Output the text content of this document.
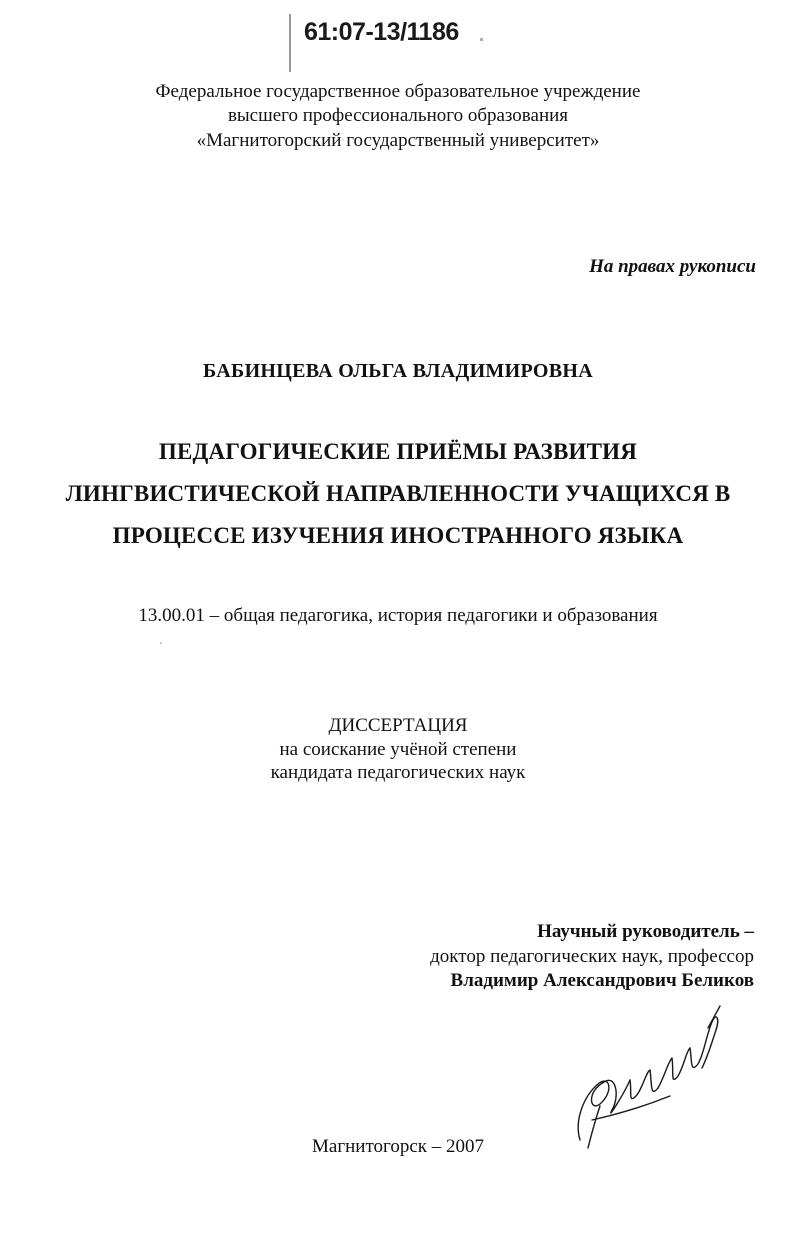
61:07-13/1186
Федеральное государственное образовательное учреждение
высшего профессионального образования
«Магнитогорский государственный университет»
На правах рукописи
БАБИНЦЕВА ОЛЬГА ВЛАДИМИРОВНА
ПЕДАГОГИЧЕСКИЕ ПРИЁМЫ РАЗВИТИЯ
ЛИНГВИСТИЧЕСКОЙ НАПРАВЛЕННОСТИ УЧАЩИХСЯ В
ПРОЦЕССЕ ИЗУЧЕНИЯ ИНОСТРАННОГО ЯЗЫКА
13.00.01 – общая педагогика, история педагогики и образования
ДИССЕРТАЦИЯ
на соискание учёной степени
кандидата педагогических наук
Научный руководитель –
доктор педагогических наук, профессор
Владимир Александрович Беликов
Магнитогорск – 2007
